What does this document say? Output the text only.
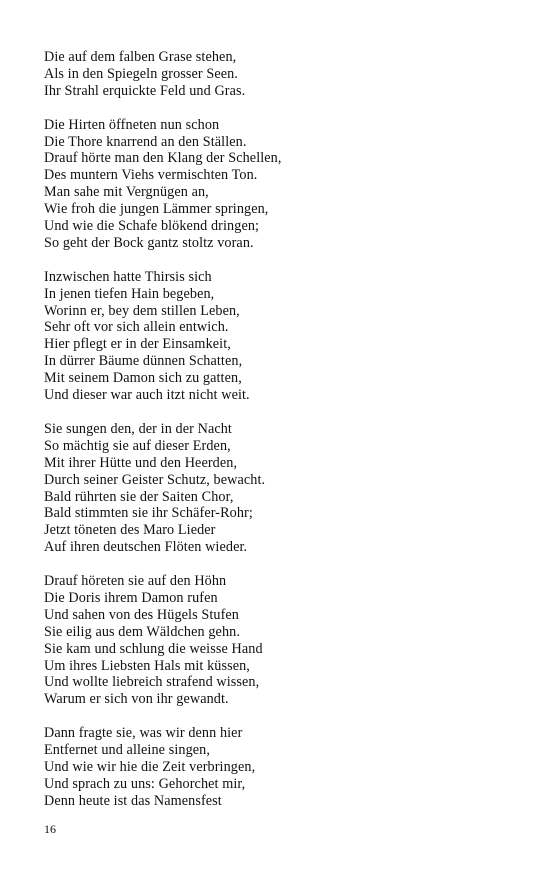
Die auf dem falben Grase stehen,
Als in den Spiegeln grosser Seen.
Ihr Strahl erquickte Feld und Gras.
Die Hirten öffneten nun schon
Die Thore knarrend an den Ställen.
Drauf hörte man den Klang der Schellen,
Des muntern Viehs vermischten Ton.
Man sahe mit Vergnügen an,
Wie froh die jungen Lämmer springen,
Und wie die Schafe blökend dringen;
So geht der Bock gantz stoltz voran.
Inzwischen hatte Thirsis sich
In jenen tiefen Hain begeben,
Worinn er, bey dem stillen Leben,
Sehr oft vor sich allein entwich.
Hier pflegt er in der Einsamkeit,
In dürrer Bäume dünnen Schatten,
Mit seinem Damon sich zu gatten,
Und dieser war auch itzt nicht weit.
Sie sungen den, der in der Nacht
So mächtig sie auf dieser Erden,
Mit ihrer Hütte und den Heerden,
Durch seiner Geister Schutz, bewacht.
Bald rührten sie der Saiten Chor,
Bald stimmten sie ihr Schäfer-Rohr;
Jetzt töneten des Maro Lieder
Auf ihren deutschen Flöten wieder.
Drauf höreten sie auf den Höhn
Die Doris ihrem Damon rufen
Und sahen von des Hügels Stufen
Sie eilig aus dem Wäldchen gehn.
Sie kam und schlung die weisse Hand
Um ihres Liebsten Hals mit küssen,
Und wollte liebreich strafend wissen,
Warum er sich von ihr gewandt.
Dann fragte sie, was wir denn hier
Entfernet und alleine singen,
Und wie wir hie die Zeit verbringen,
Und sprach zu uns: Gehorchet mir,
Denn heute ist das Namensfest
16
